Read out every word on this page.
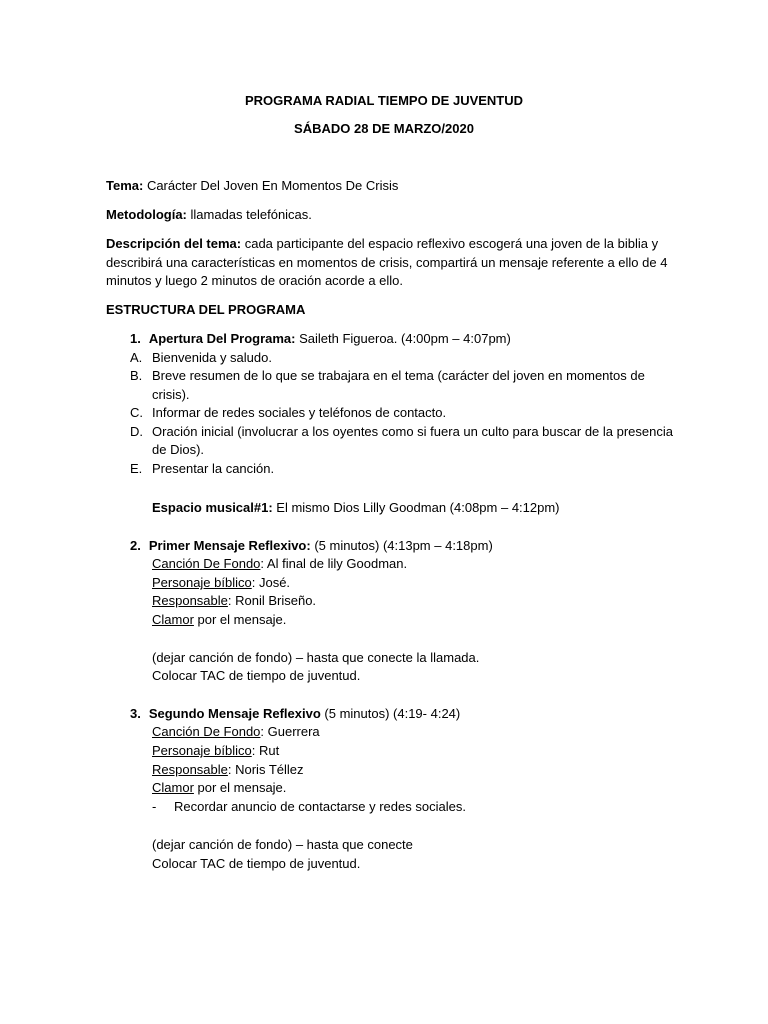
PROGRAMA RADIAL TIEMPO DE JUVENTUD
SÁBADO 28 DE MARZO/2020
Tema: Carácter Del Joven En Momentos De Crisis
Metodología: llamadas telefónicas.
Descripción del tema: cada participante del espacio reflexivo escogerá una joven de la biblia y
describirá una características en momentos de crisis, compartirá un mensaje referente a ello de 4
minutos y luego 2 minutos de oración acorde a ello.
ESTRUCTURA DEL PROGRAMA
1. Apertura Del Programa: Saileth Figueroa. (4:00pm – 4:07pm)
A. Bienvenida y saludo.
B. Breve resumen de lo que se trabajara en el tema (carácter del joven en momentos de
crisis).
C. Informar de redes sociales y teléfonos de contacto.
D. Oración inicial (involucrar a los oyentes como si fuera un culto para buscar de la presencia
de Dios).
E. Presentar la canción.
Espacio musical#1: El mismo Dios Lilly Goodman (4:08pm – 4:12pm)
2. Primer Mensaje Reflexivo: (5 minutos) (4:13pm – 4:18pm)
Canción De Fondo: Al final de lily Goodman.
Personaje bíblico: José.
Responsable: Ronil Briseño.
Clamor por el mensaje.
(dejar canción de fondo) – hasta que conecte la llamada.
Colocar TAC de tiempo de juventud.
3. Segundo Mensaje Reflexivo (5 minutos) (4:19- 4:24)
Canción De Fondo: Guerrera
Personaje bíblico: Rut
Responsable: Noris Téllez
Clamor por el mensaje.
- Recordar anuncio de contactarse y redes sociales.
(dejar canción de fondo) – hasta que conecte
Colocar TAC de tiempo de juventud.
